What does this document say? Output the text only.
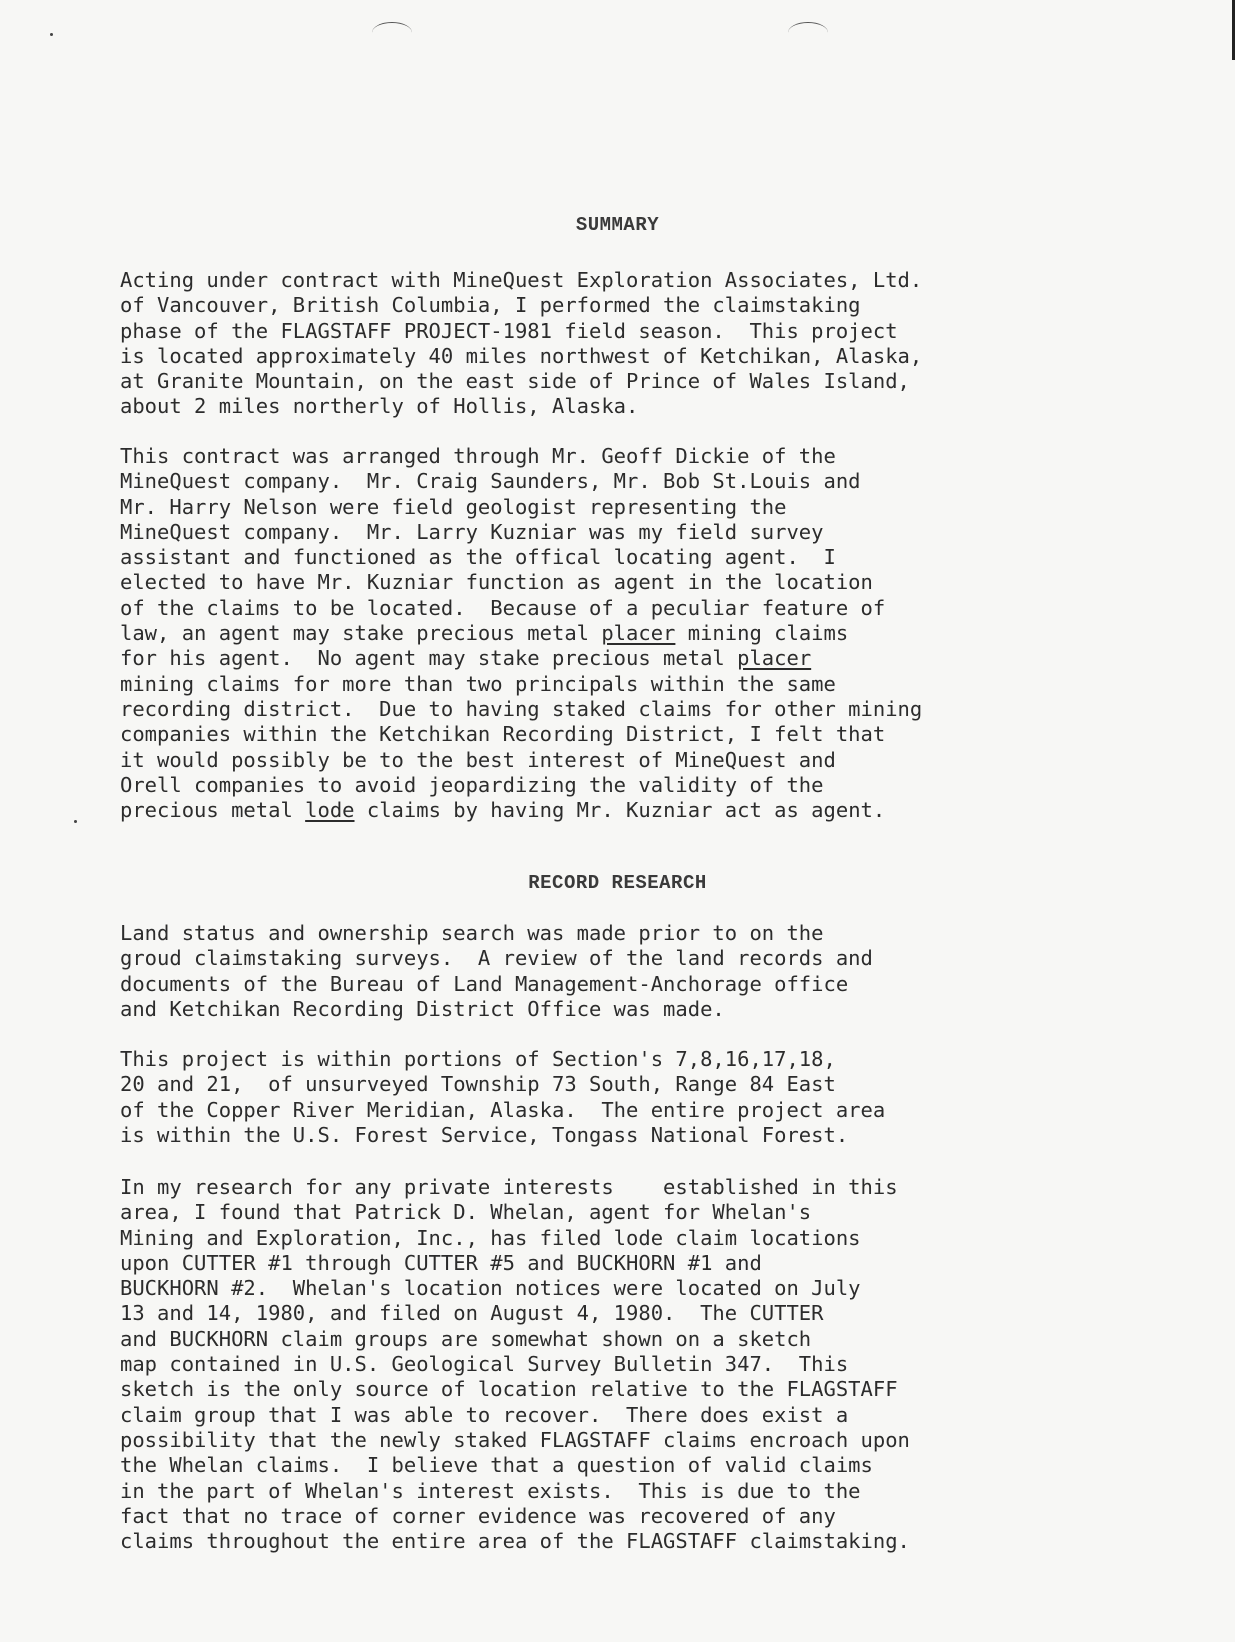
SUMMARY

Acting under contract with MineQuest Exploration Associates, Ltd.
of Vancouver, British Columbia, I performed the claimstaking
phase of the FLAGSTAFF PROJECT-1981 field season.  This project
is located approximately 40 miles northwest of Ketchikan, Alaska,
at Granite Mountain, on the east side of Prince of Wales Island,
about 2 miles northerly of Hollis, Alaska.

This contract was arranged through Mr. Geoff Dickie of the
MineQuest company.  Mr. Craig Saunders, Mr. Bob St.Louis and
Mr. Harry Nelson were field geologist representing the
MineQuest company.  Mr. Larry Kuzniar was my field survey
assistant and functioned as the offical locating agent.  I
elected to have Mr. Kuzniar function as agent in the location
of the claims to be located.  Because of a peculiar feature of
law, an agent may stake precious metal placer mining claims
for his agent.  No agent may stake precious metal placer
mining claims for more than two principals within the same
recording district.  Due to having staked claims for other mining
companies within the Ketchikan Recording District, I felt that
it would possibly be to the best interest of MineQuest and
Orell companies to avoid jeopardizing the validity of the
precious metal lode claims by having Mr. Kuzniar act as agent.

RECORD RESEARCH

Land status and ownership search was made prior to on the
groud claimstaking surveys.  A review of the land records and
documents of the Bureau of Land Management-Anchorage office
and Ketchikan Recording District Office was made.

This project is within portions of Section's 7,8,16,17,18,
20 and 21,  of unsurveyed Township 73 South, Range 84 East
of the Copper River Meridian, Alaska.  The entire project area
is within the U.S. Forest Service, Tongass National Forest.

In my research for any private interests    established in this
area, I found that Patrick D. Whelan, agent for Whelan's
Mining and Exploration, Inc., has filed lode claim locations
upon CUTTER #1 through CUTTER #5 and BUCKHORN #1 and
BUCKHORN #2.  Whelan's location notices were located on July
13 and 14, 1980, and filed on August 4, 1980.  The CUTTER
and BUCKHORN claim groups are somewhat shown on a sketch
map contained in U.S. Geological Survey Bulletin 347.  This
sketch is the only source of location relative to the FLAGSTAFF
claim group that I was able to recover.  There does exist a
possibility that the newly staked FLAGSTAFF claims encroach upon
the Whelan claims.  I believe that a question of valid claims
in the part of Whelan's interest exists.  This is due to the
fact that no trace of corner evidence was recovered of any
claims throughout the entire area of the FLAGSTAFF claimstaking.
